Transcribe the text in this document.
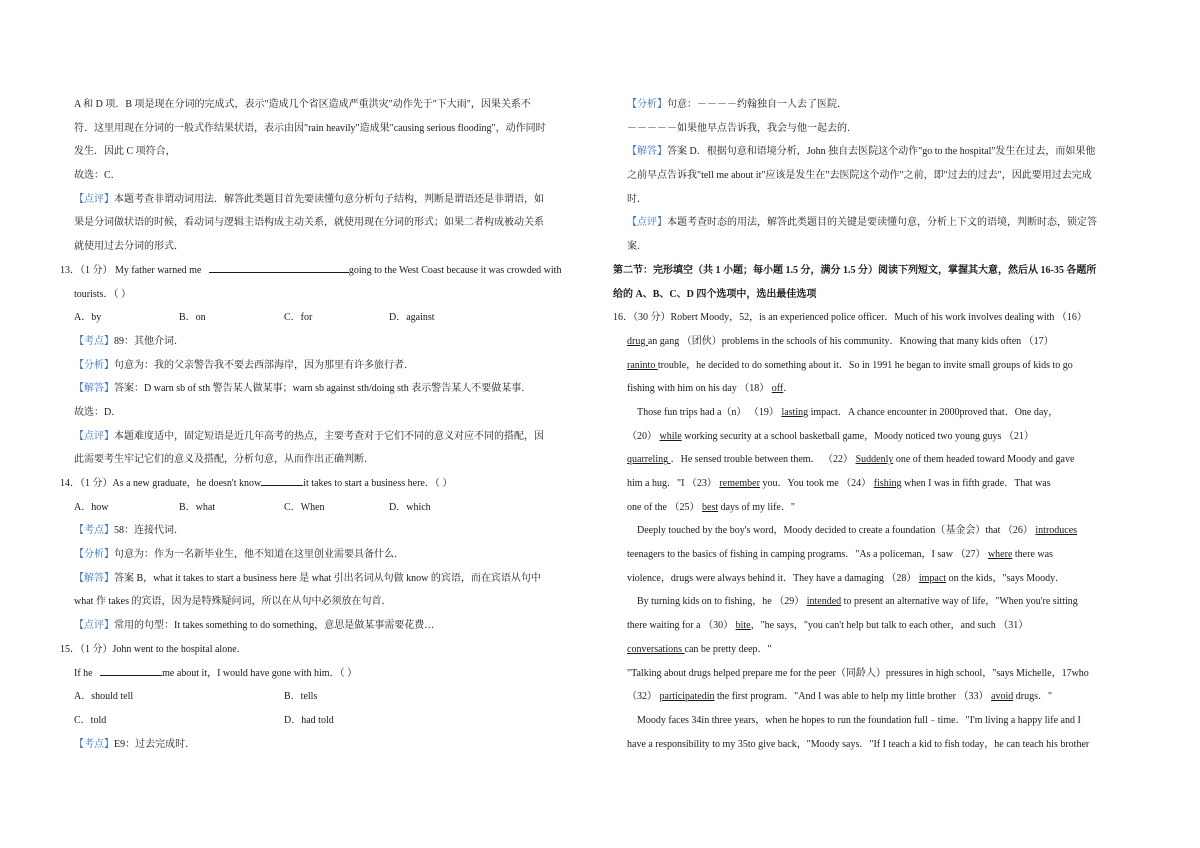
A 和 D 项．B 项是现在分词的完成式，表示"造成几个省区造成严重洪灾"动作先于"下大雨"，因果关系不
符．这里用现在分词的一般式作结果状语，表示由因"rain heavily"造成果"causing serious flooding"，动作同时
发生．因此 C 项符合，
故选：C．
【点评】本题考查非谓动词用法．解答此类题目首先要读懂句意分析句子结构，判断是谓语还是非谓语，如
果是分词做状语的时候，看动词与逻辑主语构成主动关系，就使用现在分词的形式；如果二者构成被动关系
就使用过去分词的形式．
13．（1 分） My father warned me	going to the West Coast because it was crowded with
tourists．（ ）
A．by	B．on	C．for	D．against
【考点】89：其他介词．
【分析】句意为：我的父亲警告我不要去西部海岸，因为那里有许多旅行者．
【解答】答案：D warn sb of sth 警告某人做某事；warn sb against sth/doing sth 表示警告某人不要做某事．
故选：D．
【点评】本题难度适中，固定短语是近几年高考的热点，主要考查对于它们不同的意义对应不同的搭配，因
此需要考生牢记它们的意义及搭配，分析句意，从而作出正确判断．
14．（1 分）As a new graduate，he doesn't know	it takes to start a business here．（ ）
A．how	B．what	C．When	D．which
【考点】58：连接代词．
【分析】句意为：作为一名新毕业生，他不知道在这里创业需要具备什么．
【解答】答案 B，what it takes to start a business here 是 what 引出名词从句做 know 的宾语，而在宾语从句中
what 作 takes 的宾语，因为是特殊疑问词，所以在从句中必须放在句首．
【点评】常用的句型：It takes something to do something，意思是做某事需要花费…
15．（1 分）John went to the hospital alone．
If he	me about it，I would have gone with him．（ ）
A．should tell	B．tells
C．told	D．had told
【考点】E9：过去完成时．
【分析】句意：－－－－约翰独自一人去了医院．
－－－－－如果他早点告诉我，我会与他一起去的．
【解答】答案 D．根据句意和语境分析，John 独自去医院这个动作"go to the hospital"发生在过去，而如果他
之前早点告诉我"tell me about it"应该是发生在"去医院这个动作"之前，即"过去的过去"，因此要用过去完成
时．
【点评】本题考查时态的用法，解答此类题目的关键是要读懂句意，分析上下文的语境，判断时态，锁定答
案．
第二节：完形填空（共 1 小题；每小题 1.5 分，满分 1.5 分）阅读下列短文，掌握其大意，然后从 16-35 各题所
给的 A、B、C、D 四个选项中，选出最佳选项
16．（30 分）Robert Moody，52，is an experienced police officer．Much of his work involves dealing with （16）
drug an gang （团伙）problems in the schools of his community．Knowing that many kids often （17）
raninto trouble，he decided to do something about it．So in 1991 he began to invite small groups of kids to go
fishing with him on his day （18） off．
Those fun trips had a（n） （19） lasting impact．A chance encounter in 2000proved that．One day，
（20） while working security at a school basketball game，Moody noticed two young guys （21）
quarreling ．He sensed trouble between them． （22） Suddenly one of them headed toward Moody and gave
him a hug．"I （23） remember you．You took me （24） fishing when I was in fifth grade．That was
one of the （25） best days of my life．"
Deeply touched by the boy's word，Moody decided to create a foundation（基金会）that （26） introduces
teenagers to the basics of fishing in camping programs．"As a policeman，I saw （27） where there was
violence，drugs were always behind it．They have a damaging （28） impact on the kids，"says Moody．
By turning kids on to fishing，he （29） intended to present an alternative way of life，"When you're sitting
there waiting for a （30） bite，"he says，"you can't help but talk to each other，and such （31）
conversations can be pretty deep．"
"Talking about drugs helped prepare me for the peer（同龄人）pressures in high school，"says Michelle，17who
（32） participatedin the first program．"And I was able to help my little brother （33） avoid drugs．"
Moody faces 34in three years，when he hopes to run the foundation full﹣time．"I'm living a happy life and I
have a responsibility to my 35to give back，"Moody says．"If I teach a kid to fish today，he can teach his brother
